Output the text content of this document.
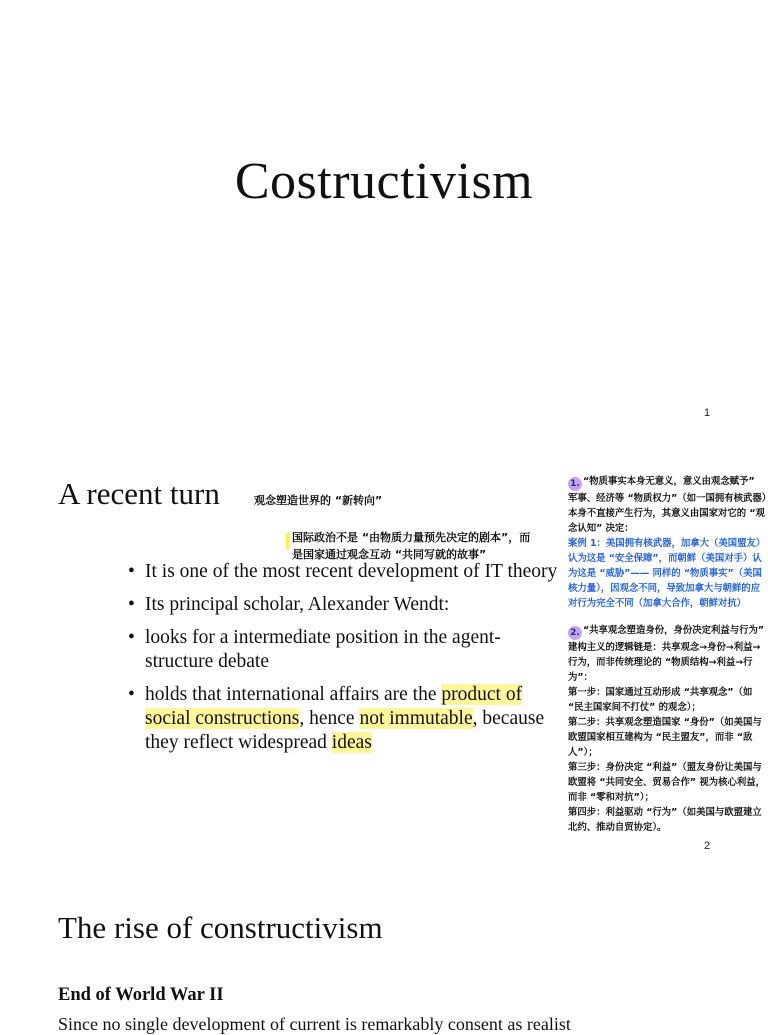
Costructivism
1
A recent turn	观念塑造世界的 “新转向”
国际政治不是 “由物质力量预先决定的剧本”，而
是国家通过观念互动 “共同写就的故事”
• It is one of the most recent development of IT theory
• Its principal scholar, Alexander Wendt:
• looks for a intermediate position in the agent-structure debate
• holds that international affairs are the product of social constructions, hence not immutable, because they reflect widespread ideas

1. “物质事实本身无意义，意义由观念赋予”

军事、经济等 “物质权力”（如一国拥有核武器）本身不直接产生行为，其意义由国家对它的 “观念认知” 决定：

案例 1：美国拥有核武器，加拿大（美国盟友）认为这是 “安全保障”，而朝鲜（美国对手）认为这是 “威胁”—— 同样的 “物质事实”（美国核力量），因观念不同，导致加拿大与朝鲜的应对行为完全不同（加拿大合作，朝鲜对抗）

2. “共享观念塑造身份，身份决定利益与行为”

建构主义的逻辑链是：共享观念→身份→利益→行为，而非传统理论的 “物质结构→利益→行为”：

第一步：国家通过互动形成 “共享观念”（如 “民主国家间不打仗” 的观念）；

第二步：共享观念塑造国家 “身份”（如美国与欧盟国家相互建构为 “民主盟友”，而非 “敌人”）；

第三步：身份决定 “利益”（盟友身份让美国与欧盟将 “共同安全、贸易合作” 视为核心利益，而非 “零和对抗”）；

第四步：利益驱动 “行为”（如美国与欧盟建立北约、推动自贸协定）。

2
The rise of constructivism
End of World War II
Since no single development of current is remarkably consent as realist
